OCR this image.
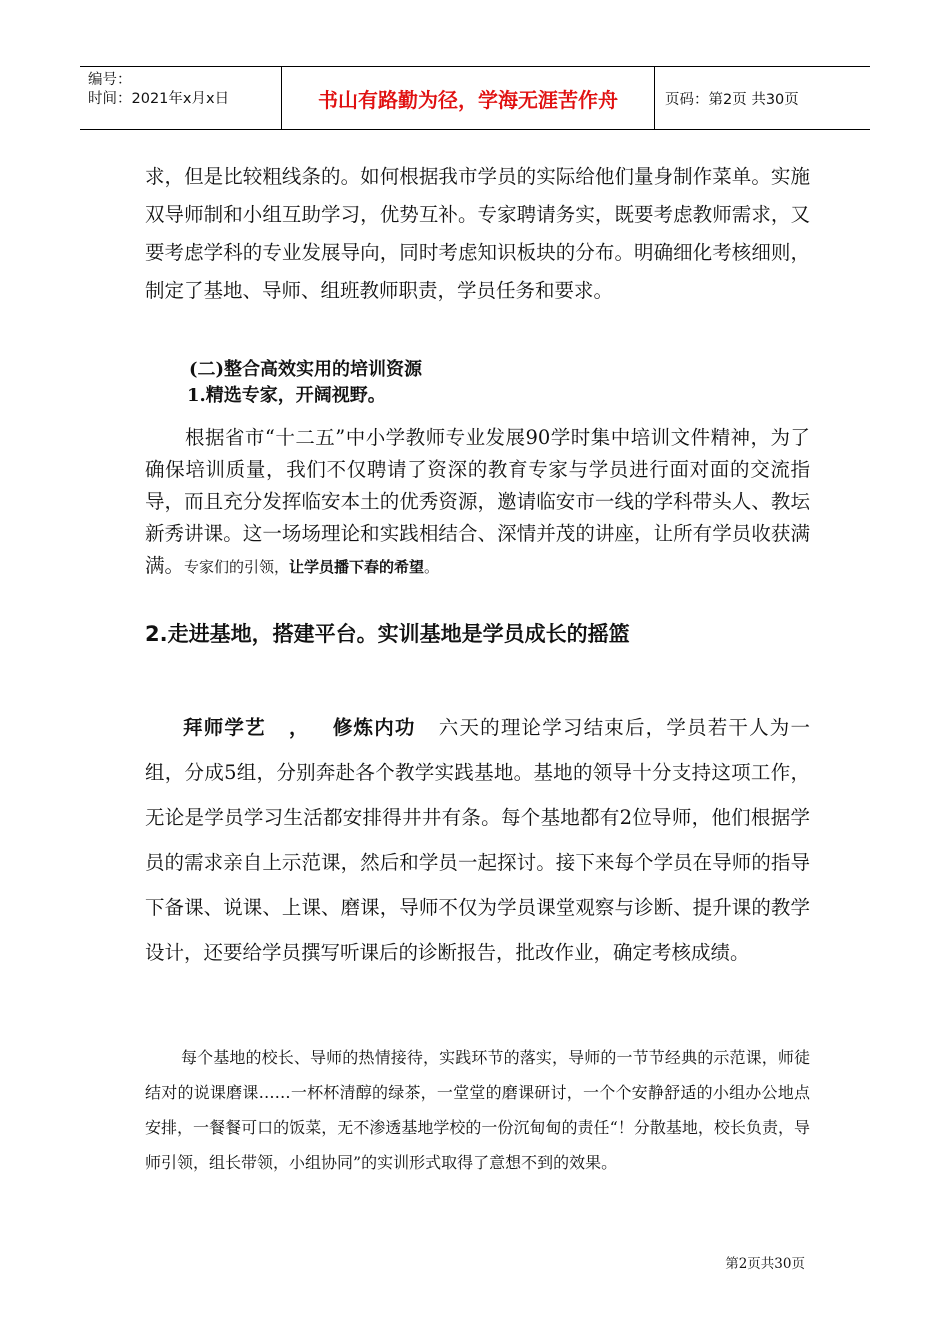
编号：
时间：2021年x月x日	书山有路勤为径，学海无涯苦作舟	页码：第2页 共30页
求，但是比较粗线条的。如何根据我市学员的实际给他们量身制作菜单。实施双导师制和小组互助学习，优势互补。专家聘请务实，既要考虑教师需求，又要考虑学科的专业发展导向，同时考虑知识板块的分布。明确细化考核细则，制定了基地、导师、组班教师职责，学员任务和要求。
(二)整合高效实用的培训资源
1.精选专家，开阔视野。
根据省市“十二五”中小学教师专业发展90学时集中培训文件精神，为了确保培训质量，我们不仅聘请了资深的教育专家与学员进行面对面的交流指导，而且充分发挥临安本土的优秀资源，邀请临安市一线的学科带头人、教坛新秀讲课。这一场场理论和实践相结合、深情并茂的讲座，让所有学员收获满满。专家们的引领，让学员播下春的希望。
2.走进基地，搭建平台。实训基地是学员成长的摇篮
拜师学艺 ， 修炼内功 六天的理论学习结束后，学员若干人为一组，分成5组，分别奔赴各个教学实践基地。基地的领导十分支持这项工作，无论是学员学习生活都安排得井井有条。每个基地都有2位导师，他们根据学员的需求亲自上示范课，然后和学员一起探讨。接下来每个学员在导师的指导下备课、说课、上课、磨课，导师不仅为学员课堂观察与诊断、提升课的教学设计，还要给学员撰写听课后的诊断报告，批改作业，确定考核成绩。
每个基地的校长、导师的热情接待，实践环节的落实，导师的一节节经典的示范课，师徒结对的说课磨课……一杯杯清醇的绿茶，一堂堂的磨课研讨，一个个安静舒适的小组办公地点安排，一餐餐可口的饭菜，无不渗透基地学校的一份沉甸甸的责任“！分散基地，校长负责，导师引领，组长带领，小组协同”的实训形式取得了意想不到的效果。
第2页共30页
